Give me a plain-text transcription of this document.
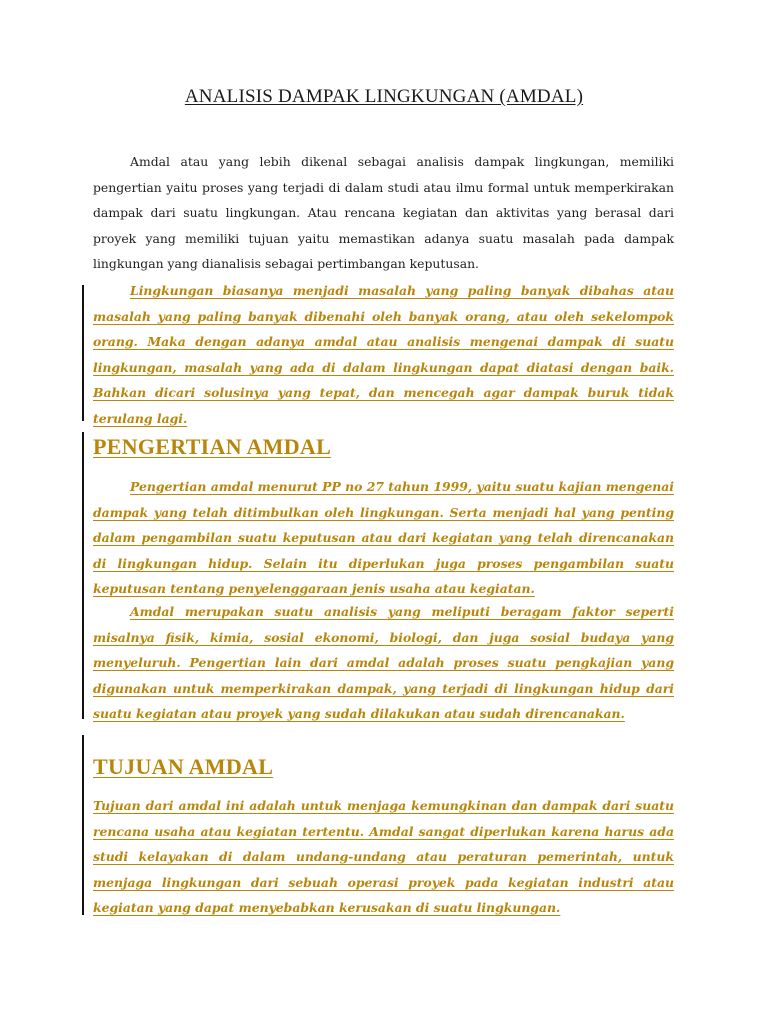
ANALISIS DAMPAK LINGKUNGAN (AMDAL)

Amdal atau yang lebih dikenal sebagai analisis dampak lingkungan, memiliki pengertian yaitu proses yang terjadi di dalam studi atau ilmu formal untuk memperkirakan dampak dari suatu lingkungan. Atau rencana kegiatan dan aktivitas yang berasal dari proyek yang memiliki tujuan yaitu memastikan adanya suatu masalah pada dampak lingkungan yang dianalisis sebagai pertimbangan keputusan.

Lingkungan biasanya menjadi masalah yang paling banyak dibahas atau masalah yang paling banyak dibenahi oleh banyak orang, atau oleh sekelompok orang. Maka dengan adanya amdal atau analisis mengenai dampak di suatu lingkungan, masalah yang ada di dalam lingkungan dapat diatasi dengan baik. Bahkan dicari solusinya yang tepat, dan mencegah agar dampak buruk tidak terulang lagi.

PENGERTIAN AMDAL

Pengertian amdal menurut PP no 27 tahun 1999, yaitu suatu kajian mengenai dampak yang telah ditimbulkan oleh lingkungan. Serta menjadi hal yang penting dalam pengambilan suatu keputusan atau dari kegiatan yang telah direncanakan di lingkungan hidup. Selain itu diperlukan juga proses pengambilan suatu keputusan tentang penyelenggaraan jenis usaha atau kegiatan.

Amdal merupakan suatu analisis yang meliputi beragam faktor seperti misalnya fisik, kimia, sosial ekonomi, biologi, dan juga sosial budaya yang menyeluruh. Pengertian lain dari amdal adalah proses suatu pengkajian yang digunakan untuk memperkirakan dampak, yang terjadi di lingkungan hidup dari suatu kegiatan atau proyek yang sudah dilakukan atau sudah direncanakan.

TUJUAN AMDAL

Tujuan dari amdal ini adalah untuk menjaga kemungkinan dan dampak dari suatu rencana usaha atau kegiatan tertentu. Amdal sangat diperlukan karena harus ada studi kelayakan di dalam undang-undang atau peraturan pemerintah, untuk menjaga lingkungan dari sebuah operasi proyek pada kegiatan industri atau kegiatan yang dapat menyebabkan kerusakan di suatu lingkungan.
